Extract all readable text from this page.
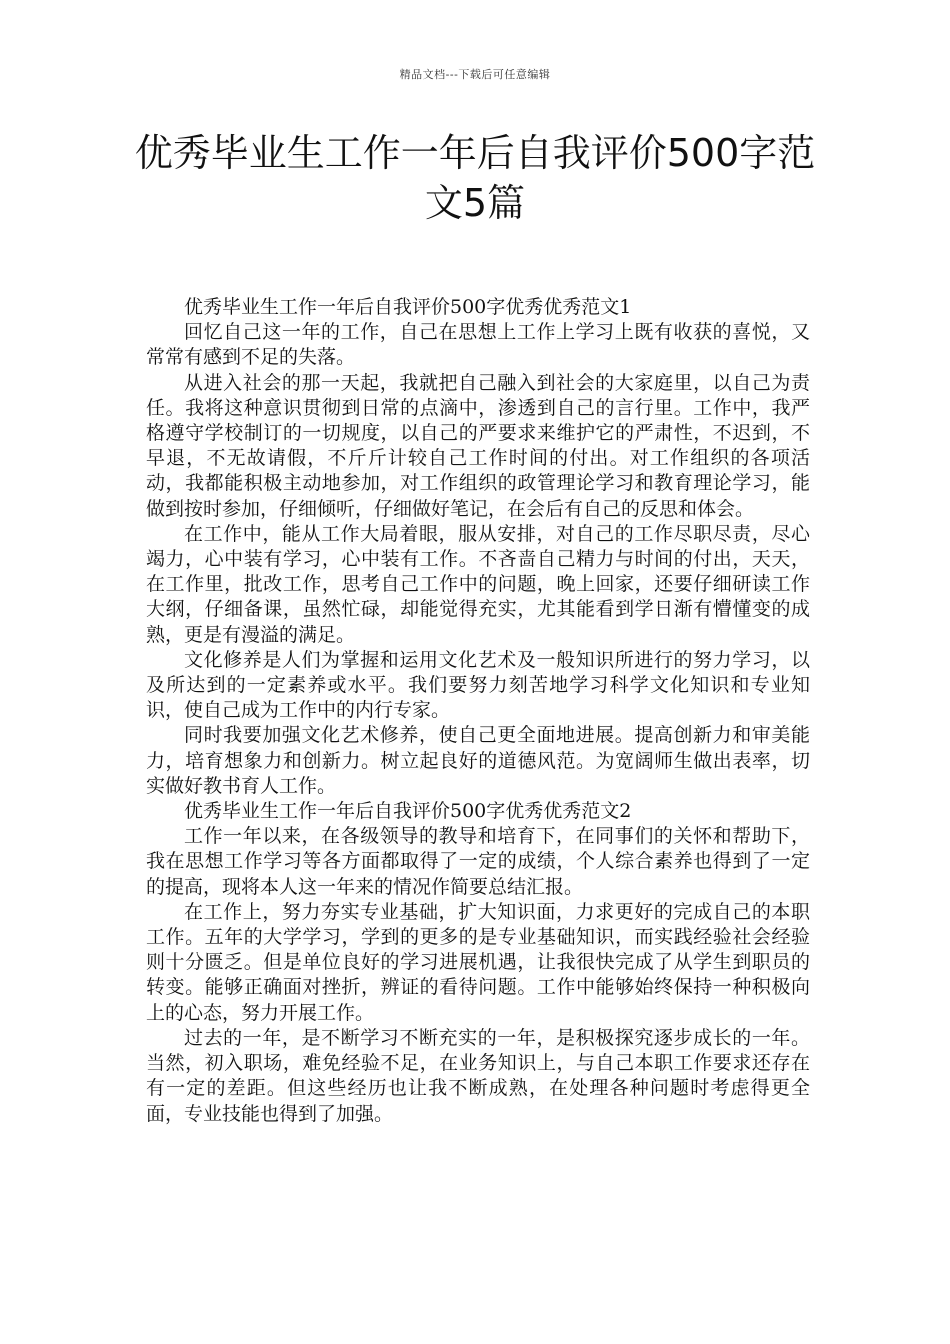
精品文档---下载后可任意编辑
优秀毕业生工作一年后自我评价500字范文5篇

优秀毕业生工作一年后自我评价500字优秀优秀范文1

回忆自己这一年的工作，自己在思想上工作上学习上既有收获的喜悦，又常常有感到不足的失落。

从进入社会的那一天起，我就把自己融入到社会的大家庭里，以自己为责任。我将这种意识贯彻到日常的点滴中，渗透到自己的言行里。工作中，我严格遵守学校制订的一切规度，以自己的严要求来维护它的严肃性，不迟到，不早退，不无故请假，不斤斤计较自己工作时间的付出。对工作组织的各项活动，我都能积极主动地参加，对工作组织的政管理论学习和教育理论学习，能做到按时参加，仔细倾听，仔细做好笔记，在会后有自己的反思和体会。

在工作中，能从工作大局着眼，服从安排，对自己的工作尽职尽责，尽心竭力，心中装有学习，心中装有工作。不吝啬自己精力与时间的付出，天天，在工作里，批改工作，思考自己工作中的问题，晚上回家，还要仔细研读工作大纲，仔细备课，虽然忙碌，却能觉得充实，尤其能看到学日渐有懵懂变的成熟，更是有漫溢的满足。

文化修养是人们为掌握和运用文化艺术及一般知识所进行的努力学习，以及所达到的一定素养或水平。我们要努力刻苦地学习科学文化知识和专业知识，使自己成为工作中的内行专家。

同时我要加强文化艺术修养，使自己更全面地进展。提高创新力和审美能力，培育想象力和创新力。树立起良好的道德风范。为宽阔师生做出表率，切实做好教书育人工作。

优秀毕业生工作一年后自我评价500字优秀优秀范文2

工作一年以来，在各级领导的教导和培育下，在同事们的关怀和帮助下，我在思想工作学习等各方面都取得了一定的成绩，个人综合素养也得到了一定的提高，现将本人这一年来的情况作简要总结汇报。

在工作上，努力夯实专业基础，扩大知识面，力求更好的完成自己的本职工作。五年的大学学习，学到的更多的是专业基础知识，而实践经验社会经验则十分匮乏。但是单位良好的学习进展机遇，让我很快完成了从学生到职员的转变。能够正确面对挫折，辨证的看待问题。工作中能够始终保持一种积极向上的心态，努力开展工作。

过去的一年，是不断学习不断充实的一年，是积极探究逐步成长的一年。当然，初入职场，难免经验不足，在业务知识上，与自己本职工作要求还存在有一定的差距。但这些经历也让我不断成熟，在处理各种问题时考虑得更全面，专业技能也得到了加强。
